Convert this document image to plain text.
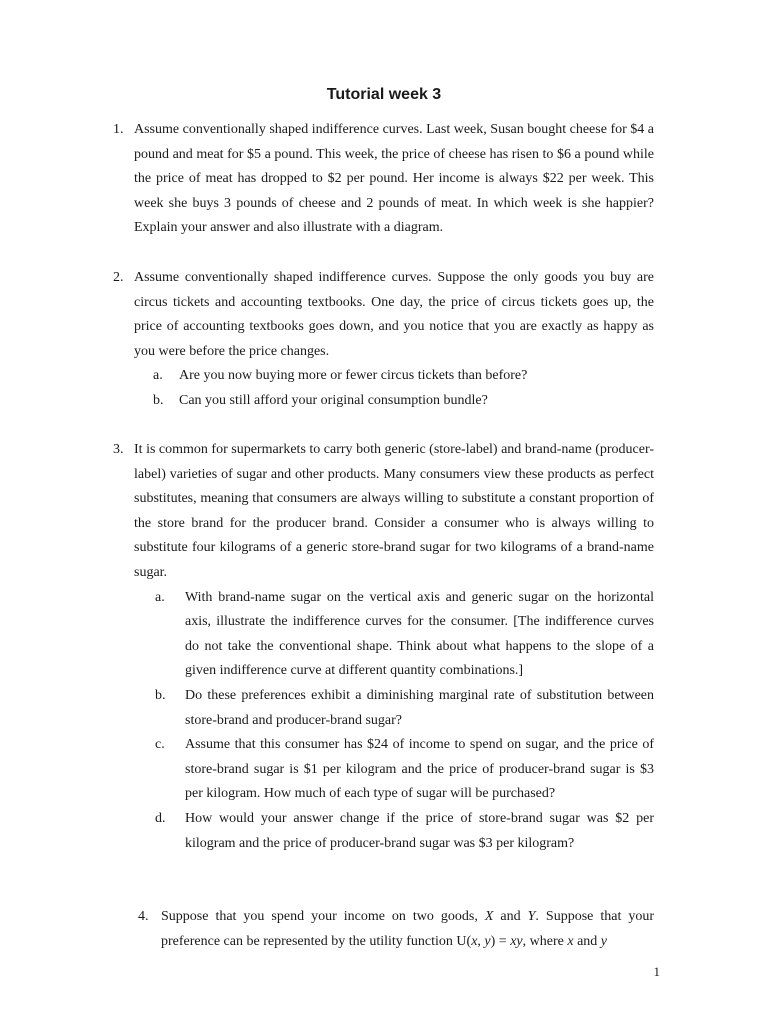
Tutorial week 3
1. Assume conventionally shaped indifference curves. Last week, Susan bought cheese for $4 a pound and meat for $5 a pound. This week, the price of cheese has risen to $6 a pound while the price of meat has dropped to $2 per pound. Her income is always $22 per week. This week she buys 3 pounds of cheese and 2 pounds of meat. In which week is she happier? Explain your answer and also illustrate with a diagram.
2. Assume conventionally shaped indifference curves. Suppose the only goods you buy are circus tickets and accounting textbooks. One day, the price of circus tickets goes up, the price of accounting textbooks goes down, and you notice that you are exactly as happy as you were before the price changes.
a. Are you now buying more or fewer circus tickets than before?
b. Can you still afford your original consumption bundle?
3. It is common for supermarkets to carry both generic (store-label) and brand-name (producer-label) varieties of sugar and other products. Many consumers view these products as perfect substitutes, meaning that consumers are always willing to substitute a constant proportion of the store brand for the producer brand. Consider a consumer who is always willing to substitute four kilograms of a generic store-brand sugar for two kilograms of a brand-name sugar.
a. With brand-name sugar on the vertical axis and generic sugar on the horizontal axis, illustrate the indifference curves for the consumer. [The indifference curves do not take the conventional shape. Think about what happens to the slope of a given indifference curve at different quantity combinations.]
b. Do these preferences exhibit a diminishing marginal rate of substitution between store-brand and producer-brand sugar?
c. Assume that this consumer has $24 of income to spend on sugar, and the price of store-brand sugar is $1 per kilogram and the price of producer-brand sugar is $3 per kilogram. How much of each type of sugar will be purchased?
d. How would your answer change if the price of store-brand sugar was $2 per kilogram and the price of producer-brand sugar was $3 per kilogram?
4. Suppose that you spend your income on two goods, X and Y. Suppose that your preference can be represented by the utility function U(x, y) = xy, where x and y
1
